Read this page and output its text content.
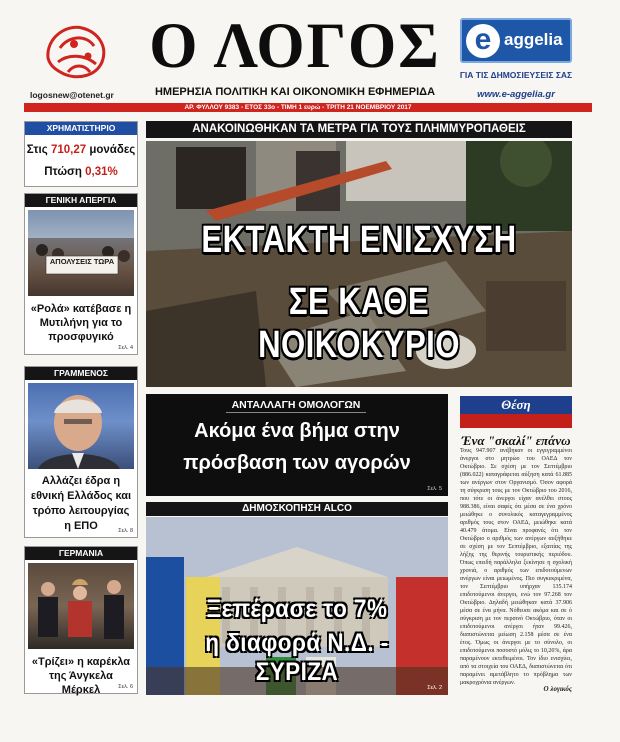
logosnew@otenet.gr
Ο ΛΟΓΟΣ
ΗΜΕΡΗΣΙΑ ΠΟΛΙΤΙΚΗ ΚΑΙ ΟΙΚΟΝΟΜΙΚΗ ΕΦΗΜΕΡΙΔΑ
ΑΡ. ΦΥΛΛΟΥ 9383 - ΕΤΟΣ 33ο - ΤΙΜΗ 1 ευρώ - ΤΡΙΤΗ 21 ΝΟΕΜΒΡΙΟΥ 2017
e aggelia
ΓΙΑ ΤΙΣ ΔΗΜΟΣΙΕΥΣΕΙΣ ΣΑΣ
www.e-aggelia.gr
ΧΡΗΜΑΤΙΣΤΗΡΙΟ
Στις 710,27 μονάδες
Πτώση 0,31%
ΓΕΝΙΚΗ ΑΠΕΡΓΙΑ
ΑΠΟΛΥΣΕΙΣ ΤΩΡΑ
«Ρολά» κατέβασε η Μυτιλήνη για το προσφυγικό
Σελ. 4
ΓΡΑΜΜΕΝΟΣ
Αλλάζει έδρα η εθνική Ελλάδος και τρόπο λειτουργίας η ΕΠΟ	Σελ. 8
ΓΕΡΜΑΝΙΑ
«Τρίζει» η καρέκλα της Άνγκελα Μέρκελ	Σελ. 6
ΑΝΑΚΟΙΝΩΘΗΚΑΝ ΤΑ ΜΕΤΡΑ ΓΙΑ ΤΟΥΣ ΠΛΗΜΜΥΡΟΠΑΘΕΙΣ
ΕΚΤΑΚΤΗ ΕΝΙΣΧΥΣΗ
ΣΕ ΚΑΘΕ ΝΟΙΚΟΚΥΡΙΟ
ΑΝΤΑΛΛΑΓΗ ΟΜΟΛΟΓΩΝ
Ακόμα ένα βήμα στην
πρόσβαση των αγορών
Σελ. 5
ΔΗΜΟΣΚΟΠΗΣΗ ALCO
Ξεπέρασε το 7%
η διαφορά Ν.Δ. - ΣΥΡΙΖΑ
Σελ. 2
Θέση
Ένα "σκαλί" επάνω
Τους 947.907 ανέβηκαν οι εγγεγραμμένοι άνεργοι στο μητρώο του ΟΑΕΔ τον Οκτώβριο. Σε σχέση με τον Σεπτέμβριο (886.022) καταγράφεται αύξηση κατά 61.885 των ανέργων στον Οργανισμό. Όσον αφορά τη σύγκριση τους με τον Οκτώβριο του 2016, που τότε οι άνεργοι είχαν ανέλθει στους 988.386, είναι σαφές ότι μέσα σε ένα χρόνο μειώθηκε ο συνολικός καταγεγραμμένος αριθμός τους στον ΟΑΕΔ, μειώθηκε κατά 40.479 άτομα. Είναι προφανές ότι τον Οκτώβριο ο αριθμός των ανέργων αυξήθηκε σε σχέση με τον Σεπτέμβριο, εξαιτίας της λήξης της θερινής τουριστικής περιόδου. Όπως επειδή παράλληλα ξεκίνησε η σχολική χρονιά, ο αριθμός των επιδοτούμενων ανέργων είναι μειωμένος. Πιο συγκεκριμένα, τον Σεπτέμβριο υπήρχαν 135.174 επιδοτούμενοι άνεργοι, ενώ τον 97.268 τον Οκτώβριο. Δηλαδή μειώθηκαν κατά 37.906 μέσα σε ένα μήνα. Νόθευσε ακόμα και σε ό σύγκριση με τον περσινό Οκτώβριο, όταν οι επιδοτούμενοι ανέργοι ήταν 99.426, διαπιστώνεται μείωση 2.158 μέσα σε ένα έτος. Όμως οι άνεργοι με το σύνολο, οι επιδοτούμενοι ποσοστό μόλις το 10,26%, άρα παραμένουν εκτεθειμένοι. Τον ίδιο ενισχύει, από τα στοιχεία του ΟΑΕΔ, διαπιστώνεται ότι παραμένει αμετάβλητο το πρόβλημα των μακροχρόνια ανέργων.
Ο λογικός
